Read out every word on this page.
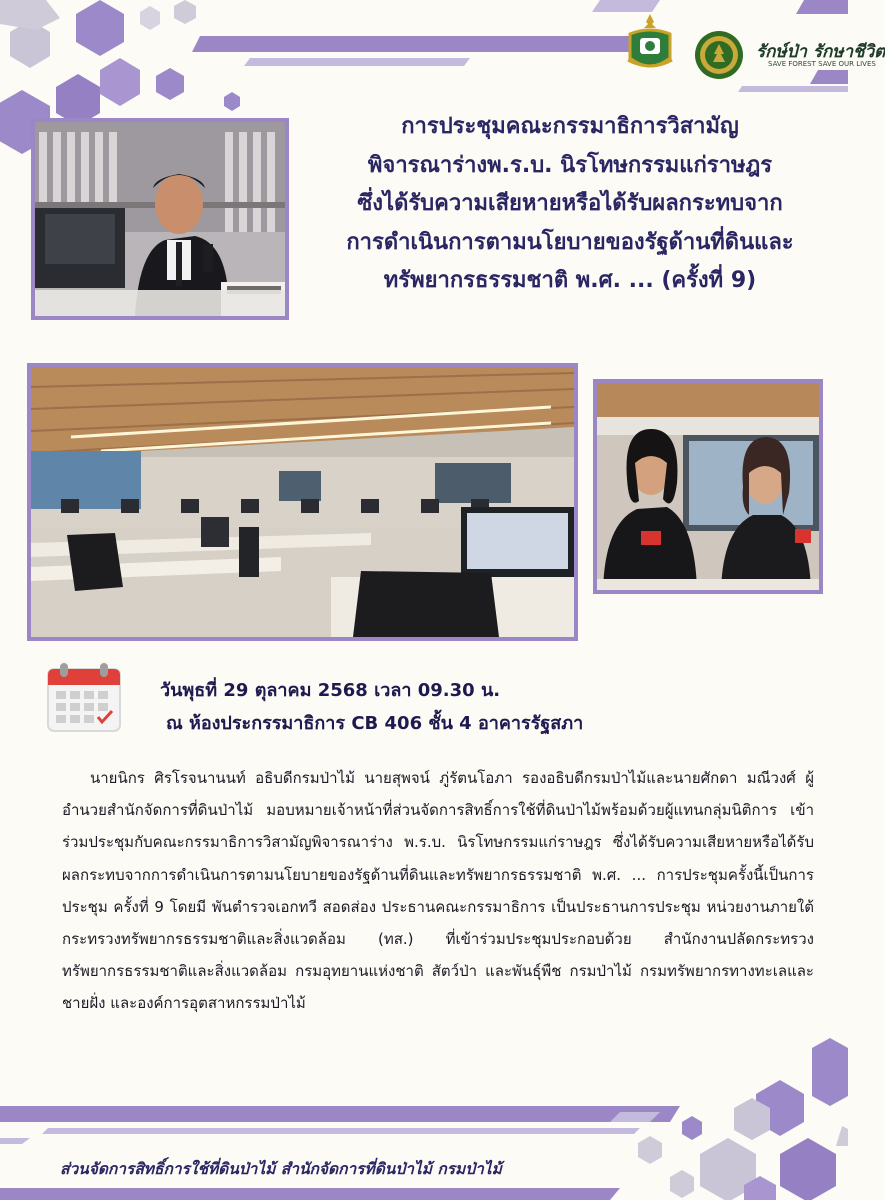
รักษ์ป่า รักษาชีวิต
SAVE FOREST SAVE OUR LIVES
การประชุมคณะกรรมาธิการวิสามัญ
พิจารณาร่างพ.ร.บ. นิรโทษกรรมแก่ราษฎร
ซึ่งได้รับความเสียหายหรือได้รับผลกระทบจาก
การดำเนินการตามนโยบายของรัฐด้านที่ดินและ
ทรัพยากรธรรมชาติ พ.ศ. ... (ครั้งที่ 9)
วันพุธที่ 29 ตุลาคม 2568 เวลา 09.30 น.
ณ ห้องประกรรมาธิการ CB 406 ชั้น 4 อาคารรัฐสภา
นายนิกร ศิรโรจนานนท์ อธิบดีกรมป่าไม้ นายสุพจน์ ภู่รัตนโอภา รองอธิบดีกรมป่าไม้และนายศักดา มณีวงศ์ ผู้อำนวยสำนักจัดการที่ดินป่าไม้ มอบหมายเจ้าหน้าที่ส่วนจัดการสิทธิ์การใช้ที่ดินป่าไม้พร้อมด้วยผู้แทนกลุ่มนิติการ เข้าร่วมประชุมกับคณะกรรมาธิการวิสามัญพิจารณาร่าง พ.ร.บ. นิรโทษกรรมแก่ราษฎร ซึ่งได้รับความเสียหายหรือได้รับผลกระทบจากการดำเนินการตามนโยบายของรัฐด้านที่ดินและทรัพยากรธรรมชาติ พ.ศ. ... การประชุมครั้งนี้เป็นการประชุม ครั้งที่ 9 โดยมี พันตำรวจเอกทวี สอดส่อง ประธานคณะกรรมาธิการ เป็นประธานการประชุม หน่วยงานภายใต้กระทรวงทรัพยากรธรรมชาติและสิ่งแวดล้อม (ทส.) ที่เข้าร่วมประชุมประกอบด้วย สำนักงานปลัดกระทรวงทรัพยากรธรรมชาติและสิ่งแวดล้อม กรมอุทยานแห่งชาติ สัตว์ป่า และพันธุ์พืช กรมป่าไม้ กรมทรัพยากรทางทะเลและชายฝั่ง และองค์การอุตสาหกรรมป่าไม้
ส่วนจัดการสิทธิ์การใช้ที่ดินป่าไม้ สำนักจัดการที่ดินป่าไม้ กรมป่าไม้
